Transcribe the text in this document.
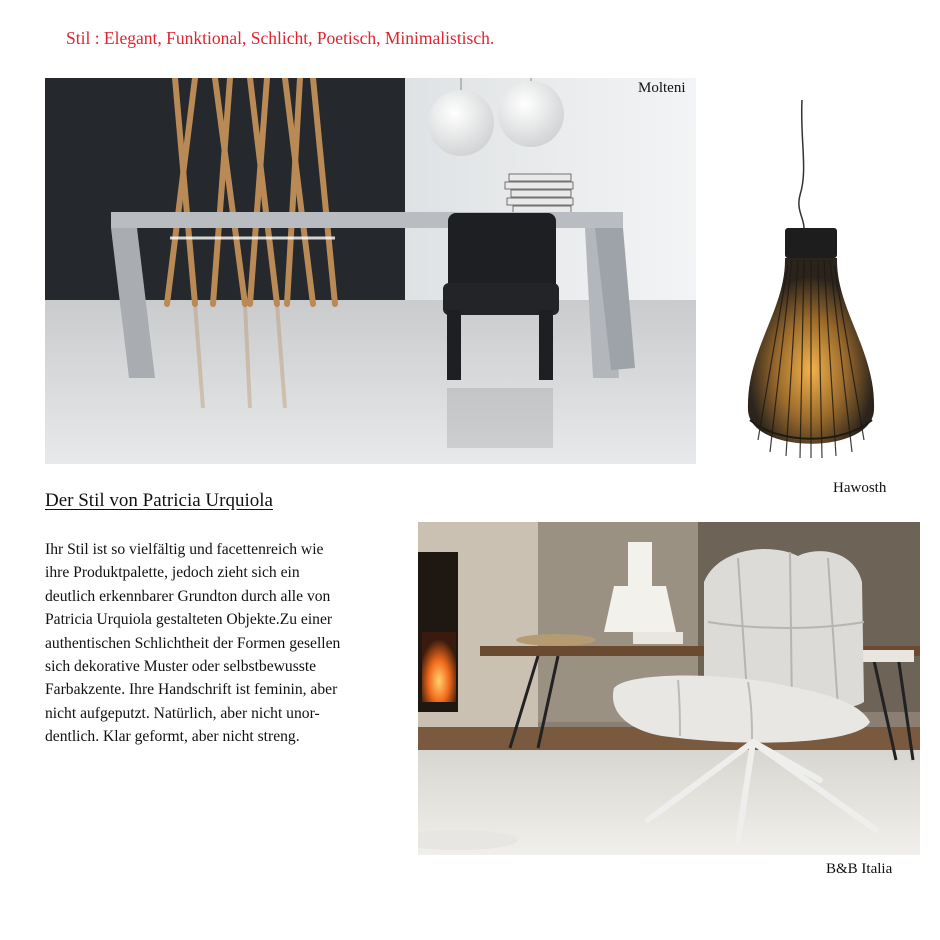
Stil : Elegant, Funktional, Schlicht, Poetisch, Minimalistisch.
Molteni
Hawosth
Der Stil von Patricia Urquiola
Ihr Stil ist so vielfältig und facettenreich wie
ihre Produktpalette, jedoch zieht sich ein
deutlich erkennbarer Grundton durch alle von
Patricia Urquiola gestalteten Objekte.Zu einer
authentischen Schlichtheit der Formen gesellen
sich dekorative Muster oder selbstbewusste
Farbakzente. Ihre Handschrift ist feminin, aber
nicht aufgeputzt. Natürlich, aber nicht unor-
dentlich. Klar geformt, aber nicht streng.
B&B Italia
